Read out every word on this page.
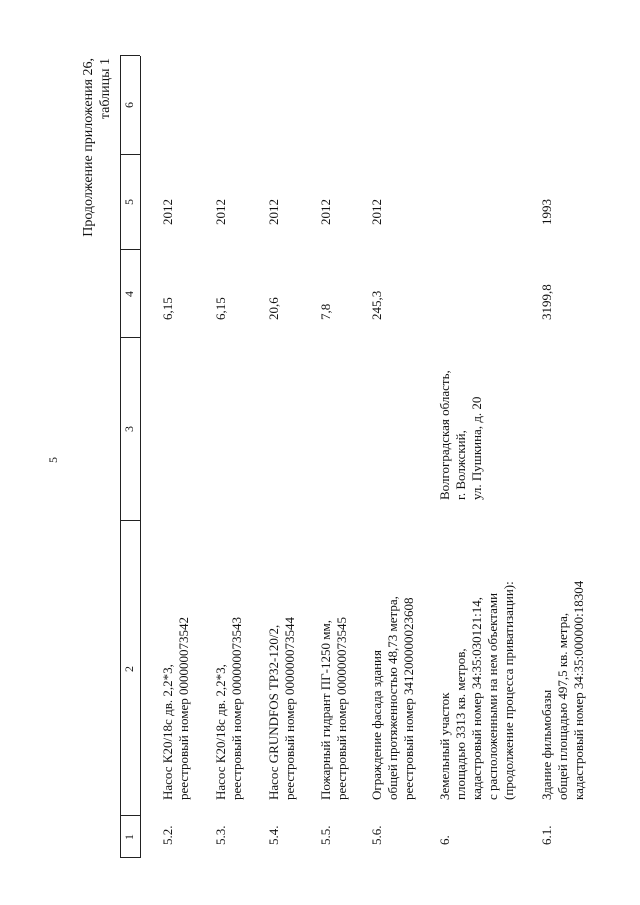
5
Продолжение приложения 26, таблицы 1
1
2
3
4
5
6
5.2.
Насос К20/18с дв. 2,2*3, реестровый номер 000000073542
6,15
2012
5.3.
Насос К20/18с дв. 2,2*3, реестровый номер 000000073543
6,15
2012
5.4.
Насос GRUNDFOS TP32-120/2, реестровый номер 000000073544
20,6
2012
5.5.
Пожарный гидрант ПГ-1250 мм, реестровый номер 000000073545
7,8
2012
5.6.
Ограждение фасада здания общей протяженностью 48,73 метра, реестровый номер 341200000023608
245,3
2012
6.
Земельный участок площадью 3313 кв. метров, кадастровый номер 34:35:030121:14, с расположенными на нем объектами (продолжение процесса приватизации):
Волгоградская область, г. Волжский, ул. Пушкина, д. 20
6.1.
Здание фильмобазы общей площадью 497,5 кв. метра, кадастровый номер 34:35:000000:18304
3199,8
1993
